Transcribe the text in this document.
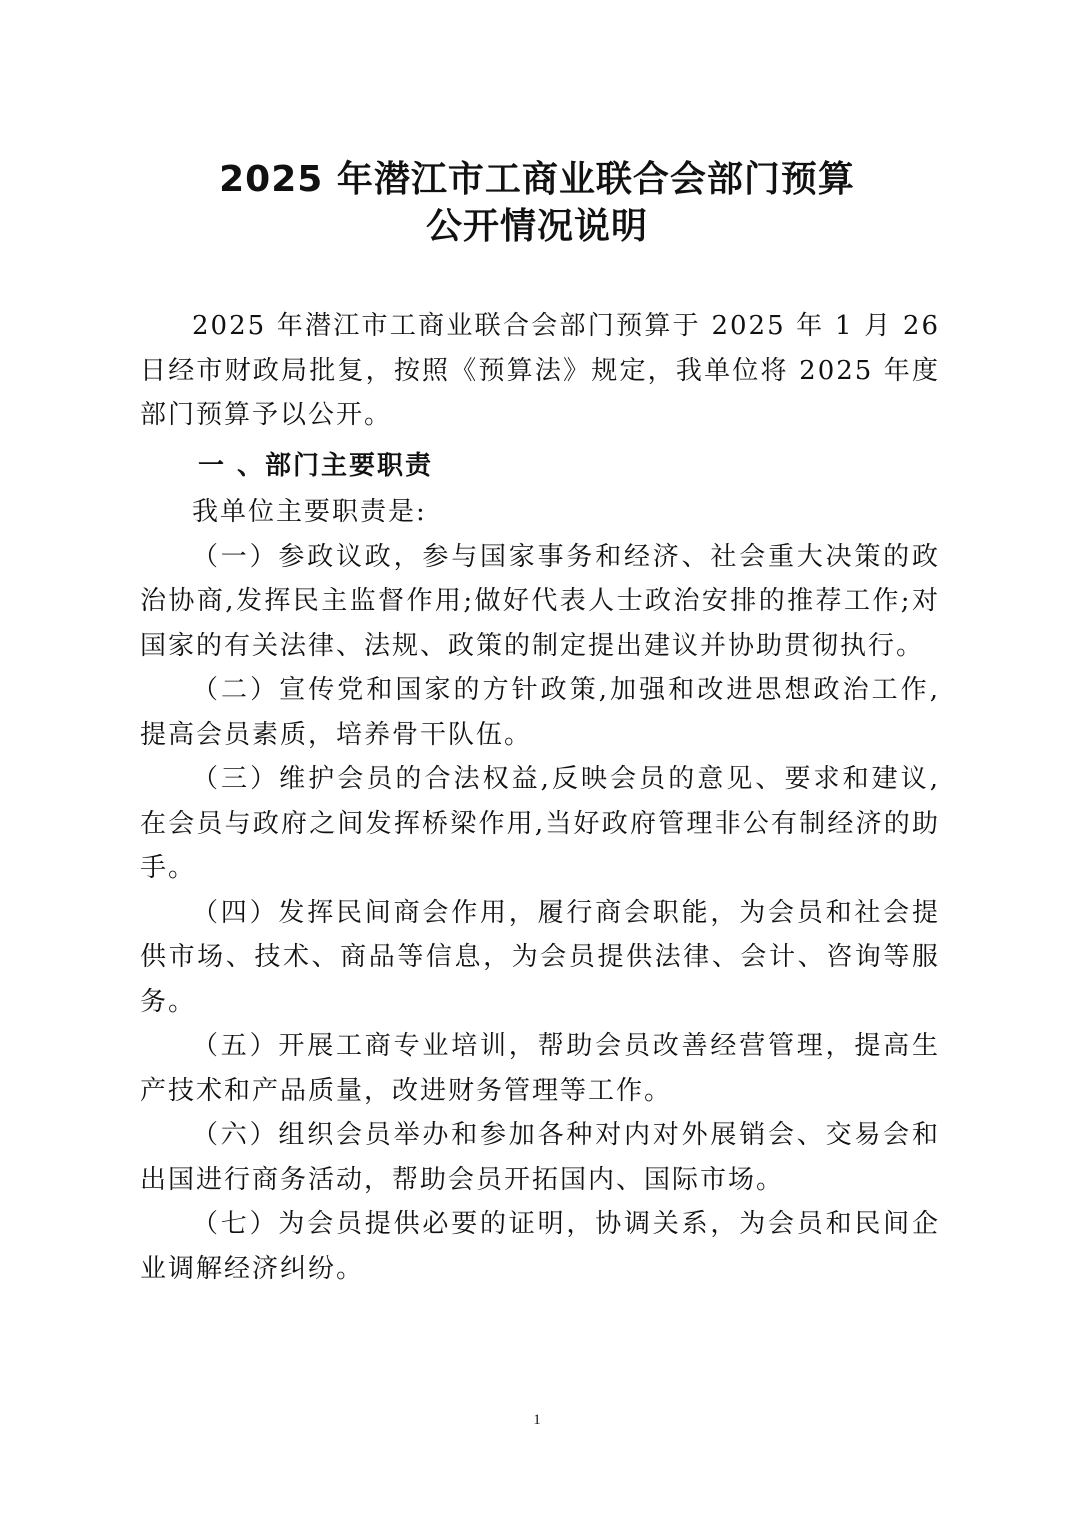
2025 年潜江市工商业联合会部门预算
公开情况说明

2025 年潜江市工商业联合会部门预算于 2025 年 1 月 26 日经市财政局批复，按照《预算法》规定，我单位将 2025 年度部门预算予以公开。

一 、部门主要职责

我单位主要职责是:

（一）参政议政，参与国家事务和经济、社会重大决策的政治协商,发挥民主监督作用;做好代表人士政治安排的推荐工作;对国家的有关法律、法规、政策的制定提出建议并协助贯彻执行。

（二）宣传党和国家的方针政策,加强和改进思想政治工作,提高会员素质，培养骨干队伍。

（三）维护会员的合法权益,反映会员的意见、要求和建议,在会员与政府之间发挥桥梁作用,当好政府管理非公有制经济的助手。

（四）发挥民间商会作用，履行商会职能，为会员和社会提供市场、技术、商品等信息，为会员提供法律、会计、咨询等服务。

（五）开展工商专业培训，帮助会员改善经营管理，提高生产技术和产品质量，改进财务管理等工作。

（六）组织会员举办和参加各种对内对外展销会、交易会和出国进行商务活动，帮助会员开拓国内、国际市场。

（七）为会员提供必要的证明，协调关系，为会员和民间企业调解经济纠纷。

1
